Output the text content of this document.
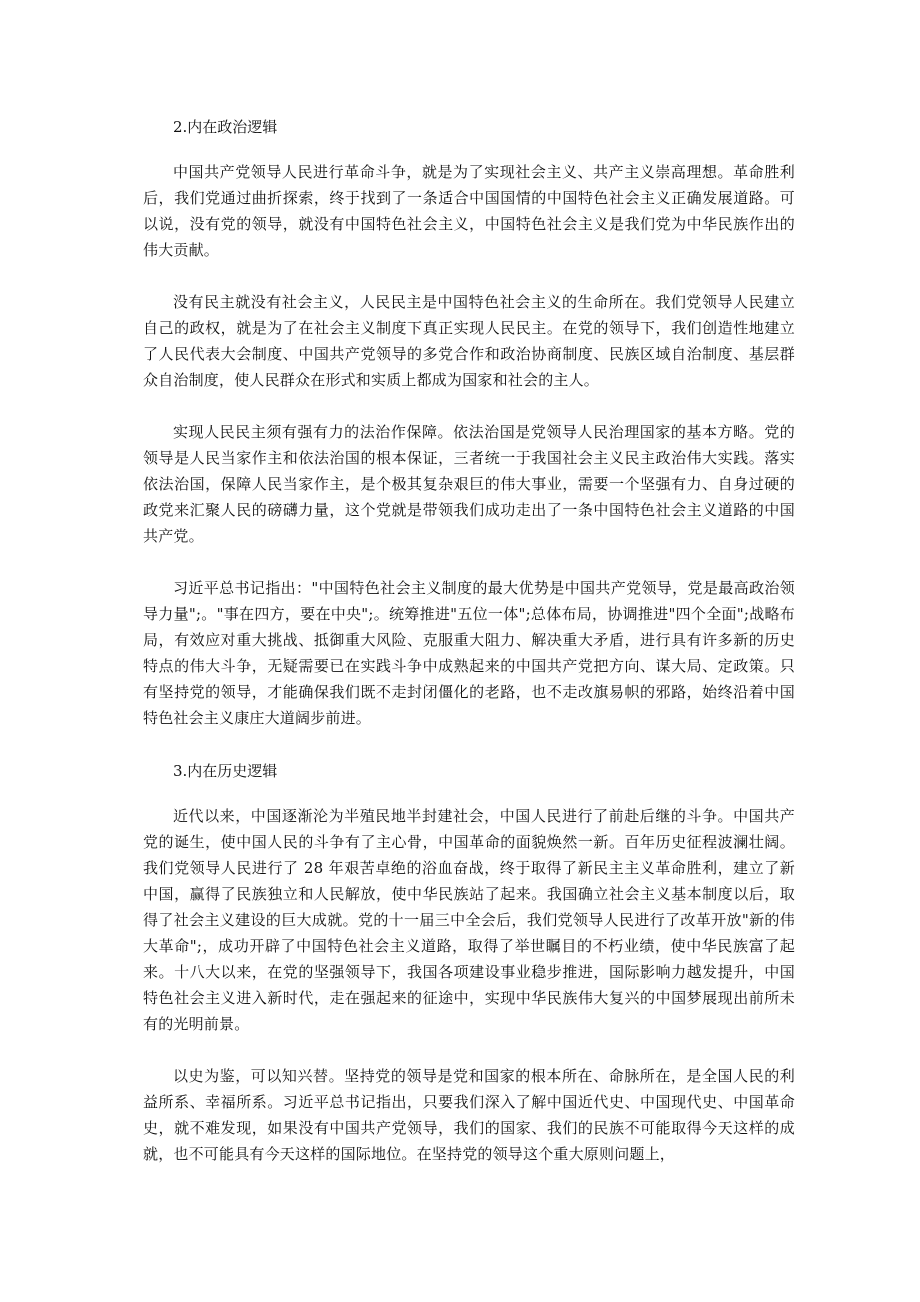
2.内在政治逻辑

中国共产党领导人民进行革命斗争，就是为了实现社会主义、共产主义崇高理想。革命胜利后，我们党通过曲折探索，终于找到了一条适合中国国情的中国特色社会主义正确发展道路。可以说，没有党的领导，就没有中国特色社会主义，中国特色社会主义是我们党为中华民族作出的伟大贡献。

没有民主就没有社会主义，人民民主是中国特色社会主义的生命所在。我们党领导人民建立自己的政权，就是为了在社会主义制度下真正实现人民民主。在党的领导下，我们创造性地建立了人民代表大会制度、中国共产党领导的多党合作和政治协商制度、民族区域自治制度、基层群众自治制度，使人民群众在形式和实质上都成为国家和社会的主人。

实现人民民主须有强有力的法治作保障。依法治国是党领导人民治理国家的基本方略。党的领导是人民当家作主和依法治国的根本保证，三者统一于我国社会主义民主政治伟大实践。落实依法治国，保障人民当家作主，是个极其复杂艰巨的伟大事业，需要一个坚强有力、自身过硬的政党来汇聚人民的磅礴力量，这个党就是带领我们成功走出了一条中国特色社会主义道路的中国共产党。

习近平总书记指出："中国特色社会主义制度的最大优势是中国共产党领导，党是最高政治领导力量";。"事在四方，要在中央";。统筹推进"五位一体";总体布局，协调推进"四个全面";战略布局，有效应对重大挑战、抵御重大风险、克服重大阻力、解决重大矛盾，进行具有许多新的历史特点的伟大斗争，无疑需要已在实践斗争中成熟起来的中国共产党把方向、谋大局、定政策。只有坚持党的领导，才能确保我们既不走封闭僵化的老路，也不走改旗易帜的邪路，始终沿着中国特色社会主义康庄大道阔步前进。

3.内在历史逻辑

近代以来，中国逐渐沦为半殖民地半封建社会，中国人民进行了前赴后继的斗争。中国共产党的诞生，使中国人民的斗争有了主心骨，中国革命的面貌焕然一新。百年历史征程波澜壮阔。我们党领导人民进行了 28 年艰苦卓绝的浴血奋战，终于取得了新民主主义革命胜利，建立了新中国，赢得了民族独立和人民解放，使中华民族站了起来。我国确立社会主义基本制度以后，取得了社会主义建设的巨大成就。党的十一届三中全会后，我们党领导人民进行了改革开放"新的伟大革命";，成功开辟了中国特色社会主义道路，取得了举世瞩目的不朽业绩，使中华民族富了起来。十八大以来，在党的坚强领导下，我国各项建设事业稳步推进，国际影响力越发提升，中国特色社会主义进入新时代，走在强起来的征途中，实现中华民族伟大复兴的中国梦展现出前所未有的光明前景。

以史为鉴，可以知兴替。坚持党的领导是党和国家的根本所在、命脉所在，是全国人民的利益所系、幸福所系。习近平总书记指出，只要我们深入了解中国近代史、中国现代史、中国革命史，就不难发现，如果没有中国共产党领导，我们的国家、我们的民族不可能取得今天这样的成就，也不可能具有今天这样的国际地位。在坚持党的领导这个重大原则问题上，
